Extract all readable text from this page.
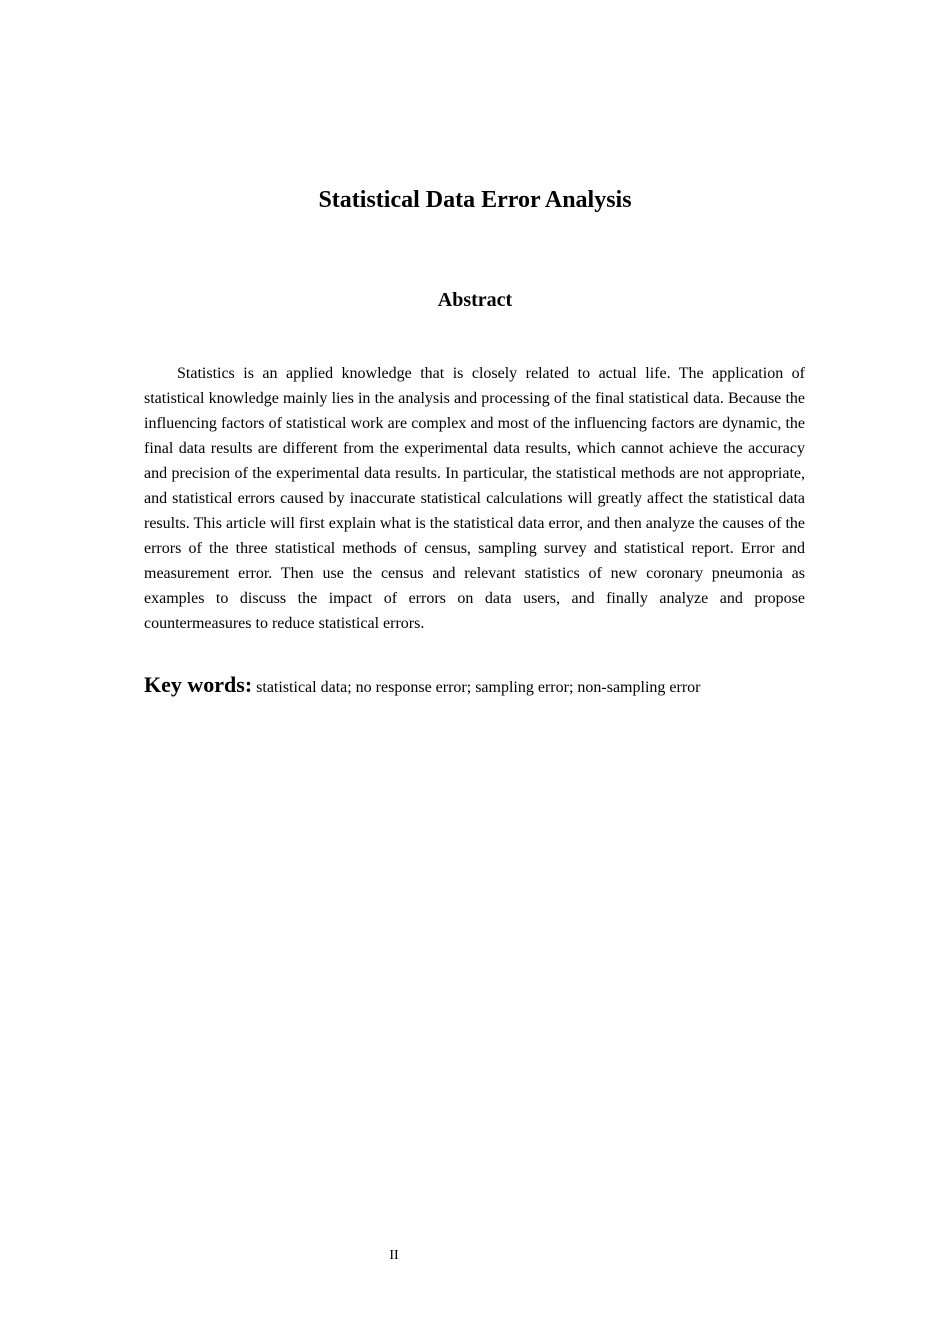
Statistical Data Error Analysis
Abstract

Statistics is an applied knowledge that is closely related to actual life. The application of statistical knowledge mainly lies in the analysis and processing of the final statistical data. Because the influencing factors of statistical work are complex and most of the influencing factors are dynamic, the final data results are different from the experimental data results, which cannot achieve the accuracy and precision of the experimental data results. In particular, the statistical methods are not appropriate, and statistical errors caused by inaccurate statistical calculations will greatly affect the statistical data results. This article will first explain what is the statistical data error, and then analyze the causes of the errors of the three statistical methods of census, sampling survey and statistical report. Error and measurement error. Then use the census and relevant statistics of new coronary pneumonia as examples to discuss the impact of errors on data users, and finally analyze and propose countermeasures to reduce statistical errors.

Key words: statistical data; no response error; sampling error; non-sampling error

II
